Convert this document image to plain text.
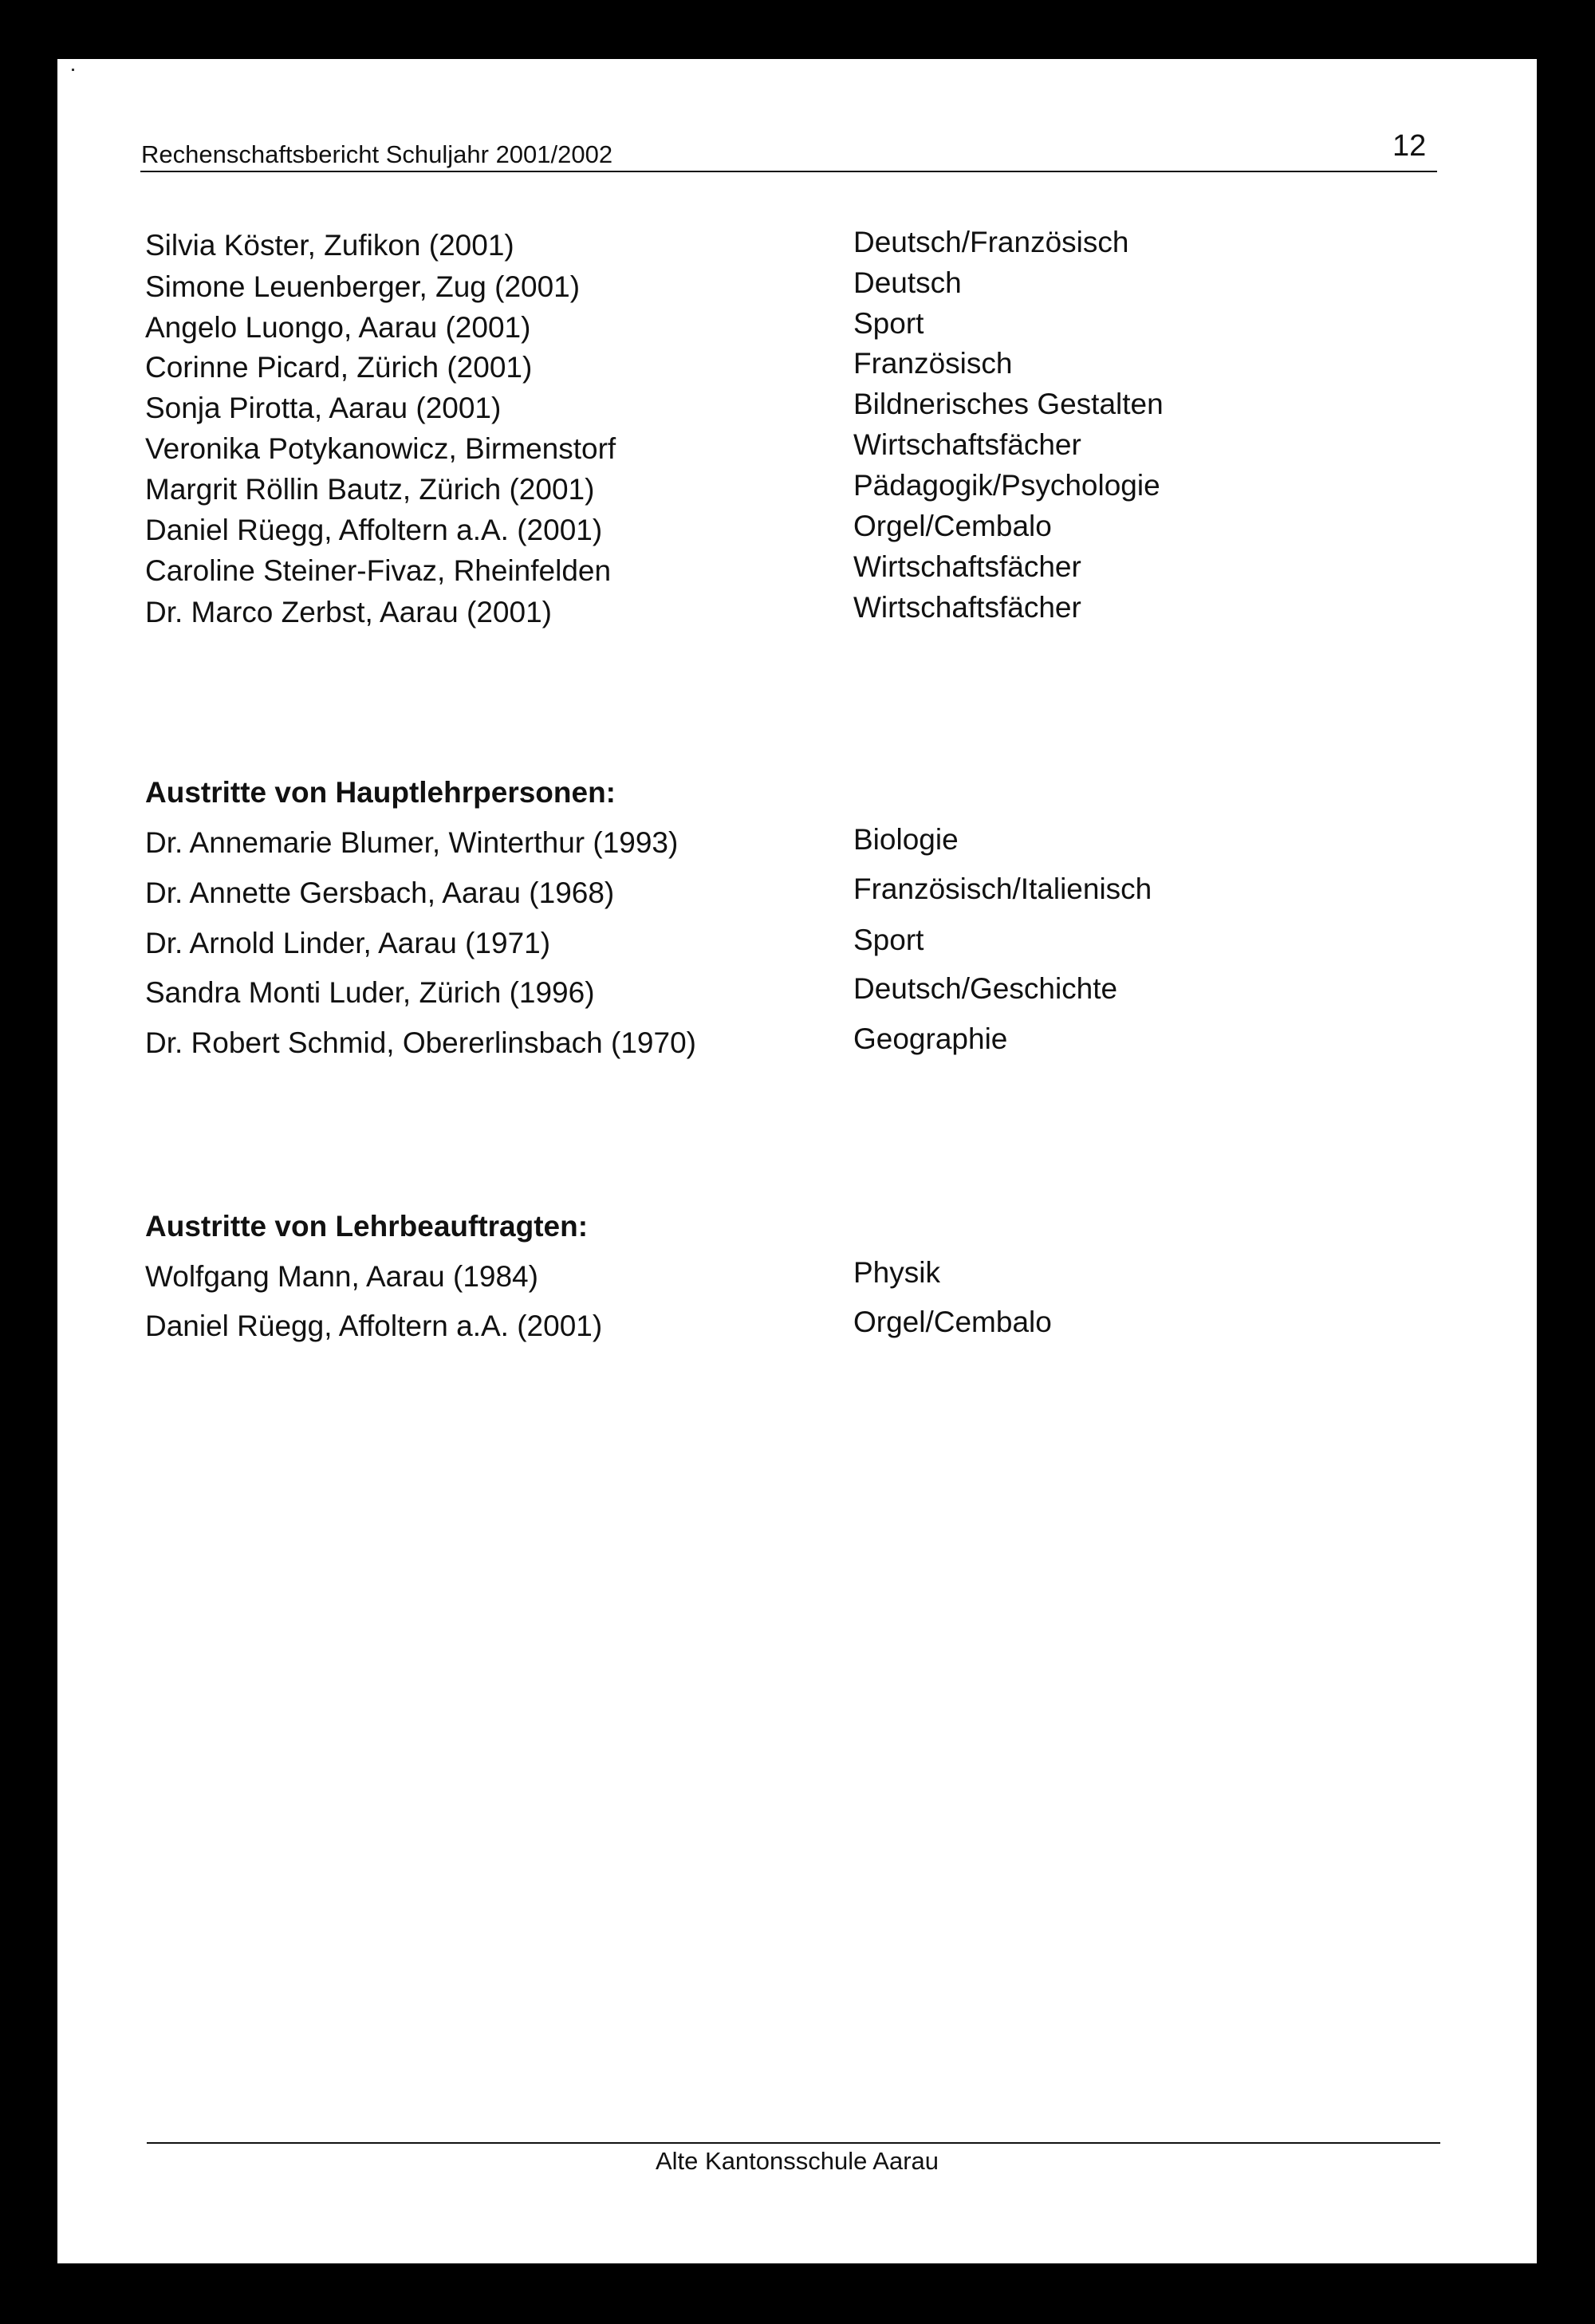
Rechenschaftsbericht Schuljahr 2001/2002	12
Silvia Köster, Zufikon (2001)	Deutsch/Französisch
Simone Leuenberger, Zug (2001)	Deutsch
Angelo Luongo, Aarau (2001)	Sport
Corinne Picard, Zürich (2001)	Französisch
Sonja Pirotta, Aarau (2001)	Bildnerisches Gestalten
Veronika Potykanowicz, Birmenstorf	Wirtschaftsfächer
Margrit Röllin Bautz, Zürich (2001)	Pädagogik/Psychologie
Daniel Rüegg, Affoltern a.A. (2001)	Orgel/Cembalo
Caroline Steiner-Fivaz, Rheinfelden	Wirtschaftsfächer
Dr. Marco Zerbst, Aarau (2001)	Wirtschaftsfächer
Austritte von Hauptlehrpersonen:
Dr. Annemarie Blumer, Winterthur (1993)	Biologie
Dr. Annette Gersbach, Aarau (1968)	Französisch/Italienisch
Dr. Arnold Linder, Aarau (1971)	Sport
Sandra Monti Luder, Zürich (1996)	Deutsch/Geschichte
Dr. Robert Schmid, Obererlinsbach (1970)	Geographie
Austritte von Lehrbeauftragten:
Wolfgang Mann, Aarau (1984)	Physik
Daniel Rüegg, Affoltern a.A. (2001)	Orgel/Cembalo
Alte Kantonsschule Aarau
